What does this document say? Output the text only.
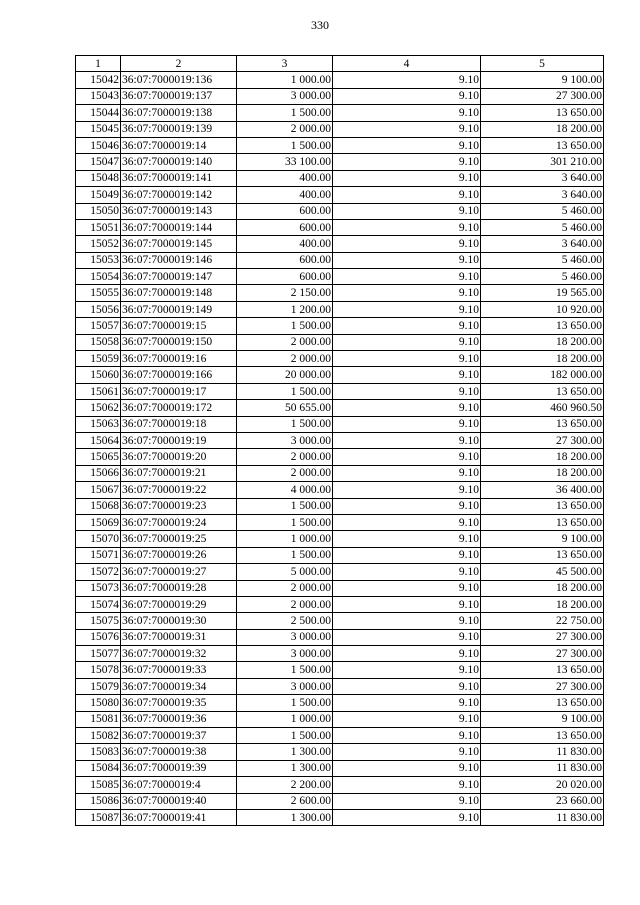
330
1	2	3	4	5
15042	36:07:7000019:136	1 000.00	9.10	9 100.00
15043	36:07:7000019:137	3 000.00	9.10	27 300.00
15044	36:07:7000019:138	1 500.00	9.10	13 650.00
15045	36:07:7000019:139	2 000.00	9.10	18 200.00
15046	36:07:7000019:14	1 500.00	9.10	13 650.00
15047	36:07:7000019:140	33 100.00	9.10	301 210.00
15048	36:07:7000019:141	400.00	9.10	3 640.00
15049	36:07:7000019:142	400.00	9.10	3 640.00
15050	36:07:7000019:143	600.00	9.10	5 460.00
15051	36:07:7000019:144	600.00	9.10	5 460.00
15052	36:07:7000019:145	400.00	9.10	3 640.00
15053	36:07:7000019:146	600.00	9.10	5 460.00
15054	36:07:7000019:147	600.00	9.10	5 460.00
15055	36:07:7000019:148	2 150.00	9.10	19 565.00
15056	36:07:7000019:149	1 200.00	9.10	10 920.00
15057	36:07:7000019:15	1 500.00	9.10	13 650.00
15058	36:07:7000019:150	2 000.00	9.10	18 200.00
15059	36:07:7000019:16	2 000.00	9.10	18 200.00
15060	36:07:7000019:166	20 000.00	9.10	182 000.00
15061	36:07:7000019:17	1 500.00	9.10	13 650.00
15062	36:07:7000019:172	50 655.00	9.10	460 960.50
15063	36:07:7000019:18	1 500.00	9.10	13 650.00
15064	36:07:7000019:19	3 000.00	9.10	27 300.00
15065	36:07:7000019:20	2 000.00	9.10	18 200.00
15066	36:07:7000019:21	2 000.00	9.10	18 200.00
15067	36:07:7000019:22	4 000.00	9.10	36 400.00
15068	36:07:7000019:23	1 500.00	9.10	13 650.00
15069	36:07:7000019:24	1 500.00	9.10	13 650.00
15070	36:07:7000019:25	1 000.00	9.10	9 100.00
15071	36:07:7000019:26	1 500.00	9.10	13 650.00
15072	36:07:7000019:27	5 000.00	9.10	45 500.00
15073	36:07:7000019:28	2 000.00	9.10	18 200.00
15074	36:07:7000019:29	2 000.00	9.10	18 200.00
15075	36:07:7000019:30	2 500.00	9.10	22 750.00
15076	36:07:7000019:31	3 000.00	9.10	27 300.00
15077	36:07:7000019:32	3 000.00	9.10	27 300.00
15078	36:07:7000019:33	1 500.00	9.10	13 650.00
15079	36:07:7000019:34	3 000.00	9.10	27 300.00
15080	36:07:7000019:35	1 500.00	9.10	13 650.00
15081	36:07:7000019:36	1 000.00	9.10	9 100.00
15082	36:07:7000019:37	1 500.00	9.10	13 650.00
15083	36:07:7000019:38	1 300.00	9.10	11 830.00
15084	36:07:7000019:39	1 300.00	9.10	11 830.00
15085	36:07:7000019:4	2 200.00	9.10	20 020.00
15086	36:07:7000019:40	2 600.00	9.10	23 660.00
15087	36:07:7000019:41	1 300.00	9.10	11 830.00
